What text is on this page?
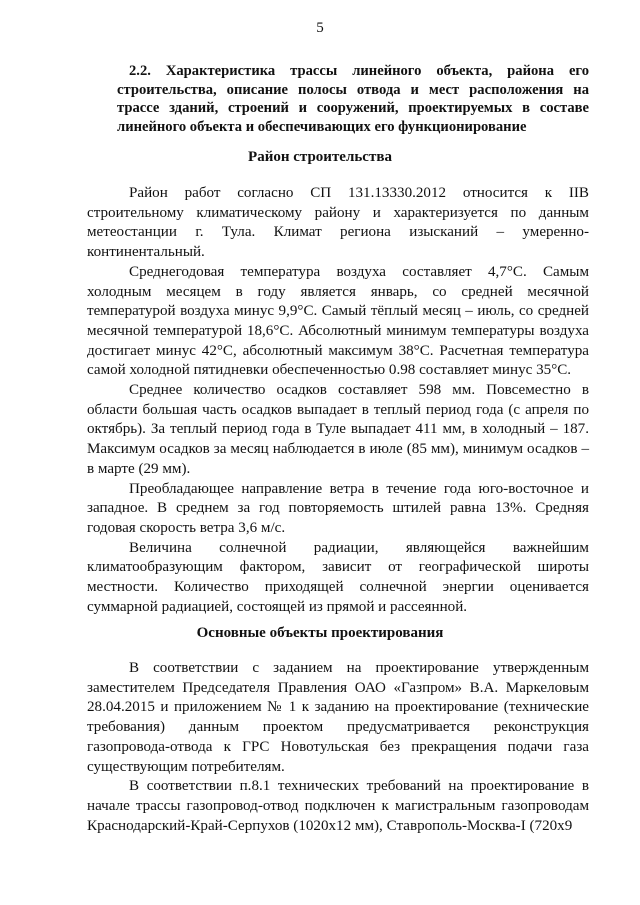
5
2.2. Характеристика трассы линейного объекта, района его строительства, описание полосы отвода и мест расположения на трассе зданий, строений и сооружений, проектируемых в составе линейного объекта и обеспечивающих его функционирование
Район строительства

Район работ согласно СП 131.13330.2012 относится к IIВ строительному климатическому району и характеризуется по данным метеостанции г. Тула. Климат региона изысканий – умеренно-континентальный.

Среднегодовая температура воздуха составляет 4,7°С. Самым холодным месяцем в году является январь, со средней месячной температурой воздуха минус 9,9°С. Самый тёплый месяц – июль, со средней месячной температурой 18,6°С. Абсолютный минимум температуры воздуха достигает минус 42°С, абсолютный максимум 38°С. Расчетная температура самой холодной пятидневки обеспеченностью 0.98 составляет минус 35°С.

Среднее количество осадков составляет 598 мм. Повсеместно в области большая часть осадков выпадает в теплый период года (с апреля по октябрь). За теплый период года в Туле выпадает 411 мм, в холодный – 187. Максимум осадков за месяц наблюдается в июле (85 мм), минимум осадков – в марте (29 мм).

Преобладающее направление ветра в течение года юго-восточное и западное. В среднем за год повторяемость штилей равна 13%. Средняя годовая скорость ветра 3,6 м/с.

Величина солнечной радиации, являющейся важнейшим климатообразующим фактором, зависит от географической широты местности. Количество приходящей солнечной энергии оценивается суммарной радиацией, состоящей из прямой и рассеянной.

Основные объекты проектирования

В соответствии с заданием на проектирование утвержденным заместителем Председателя Правления ОАО «Газпром» В.А. Маркеловым 28.04.2015 и приложением № 1 к заданию на проектирование (технические требования) данным проектом предусматривается реконструкция газопровода-отвода к ГРС Новотульская без прекращения подачи газа существующим потребителям.

В соответствии п.8.1 технических требований на проектирование в начале трассы газопровод-отвод подключен к магистральным газопроводам Краснодарский-Край-Серпухов (1020х12 мм), Ставрополь-Москва-I (720х9
